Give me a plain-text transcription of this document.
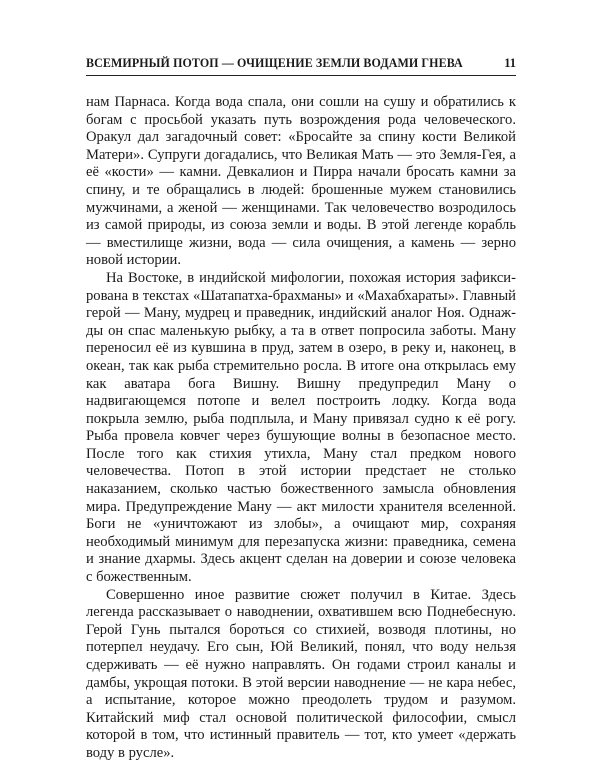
ВСЕМИРНЫЙ ПОТОП — ОЧИЩЕНИЕ ЗЕМЛИ ВОДАМИ ГНЕВА	11

нам Парнаса. Когда вода спала, они сошли на сушу и обратились к богам с просьбой указать путь возрождения рода человеческого. Оракул дал загадочный совет: «Бросайте за спину кости Великой Матери». Супруги догадались, что Великая Мать — это Земля-Гея, а её «кости» — камни. Девкалион и Пирра начали бросать камни за спину, и те обращались в людей: брошенные мужем становились мужчинами, а женой — женщинами. Так человечество возродилось из самой природы, из союза земли и воды. В этой легенде корабль — вместилище жизни, вода — сила очищения, а камень — зерно новой истории.

На Востоке, в индийской мифологии, похожая история зафиксирована в текстах «Шатапатха-брахманы» и «Махабхараты». Главный герой — Ману, мудрец и праведник, индийский аналог Ноя. Однажды он спас маленькую рыбку, а та в ответ попросила заботы. Ману переносил её из кувшина в пруд, затем в озеро, в реку и, наконец, в океан, так как рыба стремительно росла. В итоге она открылась ему как аватара бога Вишну. Вишну предупредил Ману о надвигающемся потопе и велел построить лодку. Когда вода покрыла землю, рыба подплыла, и Ману привязал судно к её рогу. Рыба провела ковчег через бушующие волны в безопасное место. После того как стихия утихла, Ману стал предком нового человечества. Потоп в этой истории предстает не столько наказанием, сколько частью божественного замысла обновления мира. Предупреждение Ману — акт милости хранителя вселенной. Боги не «уничтожают из злобы», а очищают мир, сохраняя необходимый минимум для перезапуска жизни: праведника, семена и знание дхармы. Здесь акцент сделан на доверии и союзе человека с божественным.

Совершенно иное развитие сюжет получил в Китае. Здесь легенда рассказывает о наводнении, охватившем всю Поднебесную. Герой Гунь пытался бороться со стихией, возводя плотины, но потерпел неудачу. Его сын, Юй Великий, понял, что воду нельзя сдерживать — её нужно направлять. Он годами строил каналы и дамбы, укрощая потоки. В этой версии наводнение — не кара небес, а испытание, которое можно преодолеть трудом и разумом. Китайский миф стал основой политической философии, смысл которой в том, что истинный правитель — тот, кто умеет «держать воду в русле».
